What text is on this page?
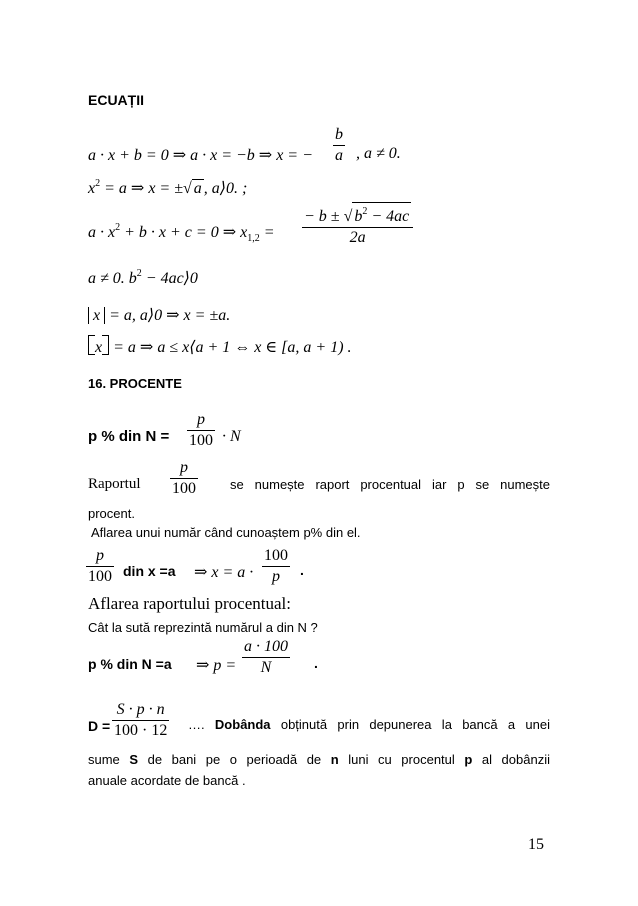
ECUAȚII
a · x + b = 0 ⇒ a · x = −b ⇒ x = −
b
a , a ≠ 0.
$x^2 = a$ ⇒ x = ±√ a , a⟩0. ;
$a \cdot x^2 + b \cdot x + c = 0$ ⇒ $x_{1,2}$ =
− b ± √ $b^2 - 4ac$
2a
a ≠ 0. $b^2$ − 4ac⟩0
x = a, a⟩0 ⇒ x = ±a.
x = a ⇒ a ≤ x⟨a + 1 ⇔ x ∈ [a, a + 1) .
16. PROCENTE
p % din N =
p
100 · N
Raportul
p
100	se numește raport procentual iar p se numește
procent.
Aflarea unui număr când cunoaștem p% din el.
p
100 din x =a ⇒ x = a ·
100
p .
Aflarea raportului procentual:
Cât la sută reprezintă numărul a din N ?
p % din N =a ⇒ p =
a · 100
N	.
D =
S · p · n
100 · 12 …. Dobânda obținută prin depunerea la bancă a unei
sume S de bani pe o perioadă de n luni cu procentul p al dobânzii
anuale acordate de bancă .
15
